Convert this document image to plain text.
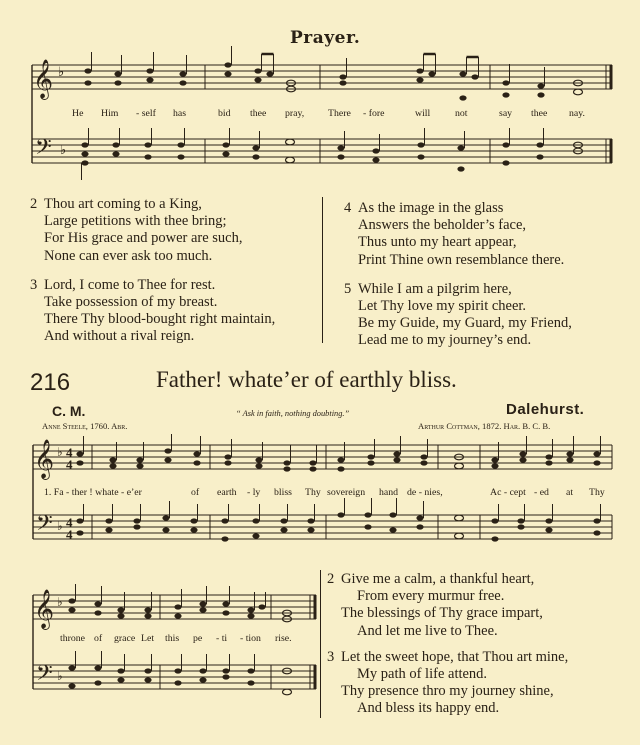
Prayer.
𝄞
𝄢
♭
♭
He Him - self has	bid thee pray, There - fore	will	not	say thee nay.
2 Thou art coming to a King,
Large petitions with thee bring;
For His grace and power are such,
None can ever ask too much.
3 Lord, I come to Thee for rest.
Take possession of my breast.
There Thy blood-bought right maintain,
And without a rival reign.
4 As the image in the glass
Answers the beholder’s face,
Thus unto my heart appear,
Print Thine own resemblance there.
5 While I am a pilgrim here,
Let Thy love my spirit cheer.
Be my Guide, my Guard, my Friend,
Lead me to my journey’s end.
216	Father! whate’er of earthly bliss.
C. M.	Dalehurst.
Anne Steele, 1760. Abr.
“ Ask in faith, nothing doubting.”
Arthur Cottman, 1872. Har. B. C. B.
𝄞
𝄢
♭
♭
4
4
4
4
1. Fa - ther ! whate - e’er	of earth - ly bliss Thy sovereign hand de - nies,	Ac - cept - ed at Thy
𝄞
𝄢
♭
♭
throne of grace Let this pe - ti - tion rise.
2 Give me a calm, a thankful heart,
From every murmur free.
The blessings of Thy grace impart,
And let me live to Thee.
3 Let the sweet hope, that Thou art mine,
My path of life attend.
Thy presence thro my journey shine,
And bless its happy end.
